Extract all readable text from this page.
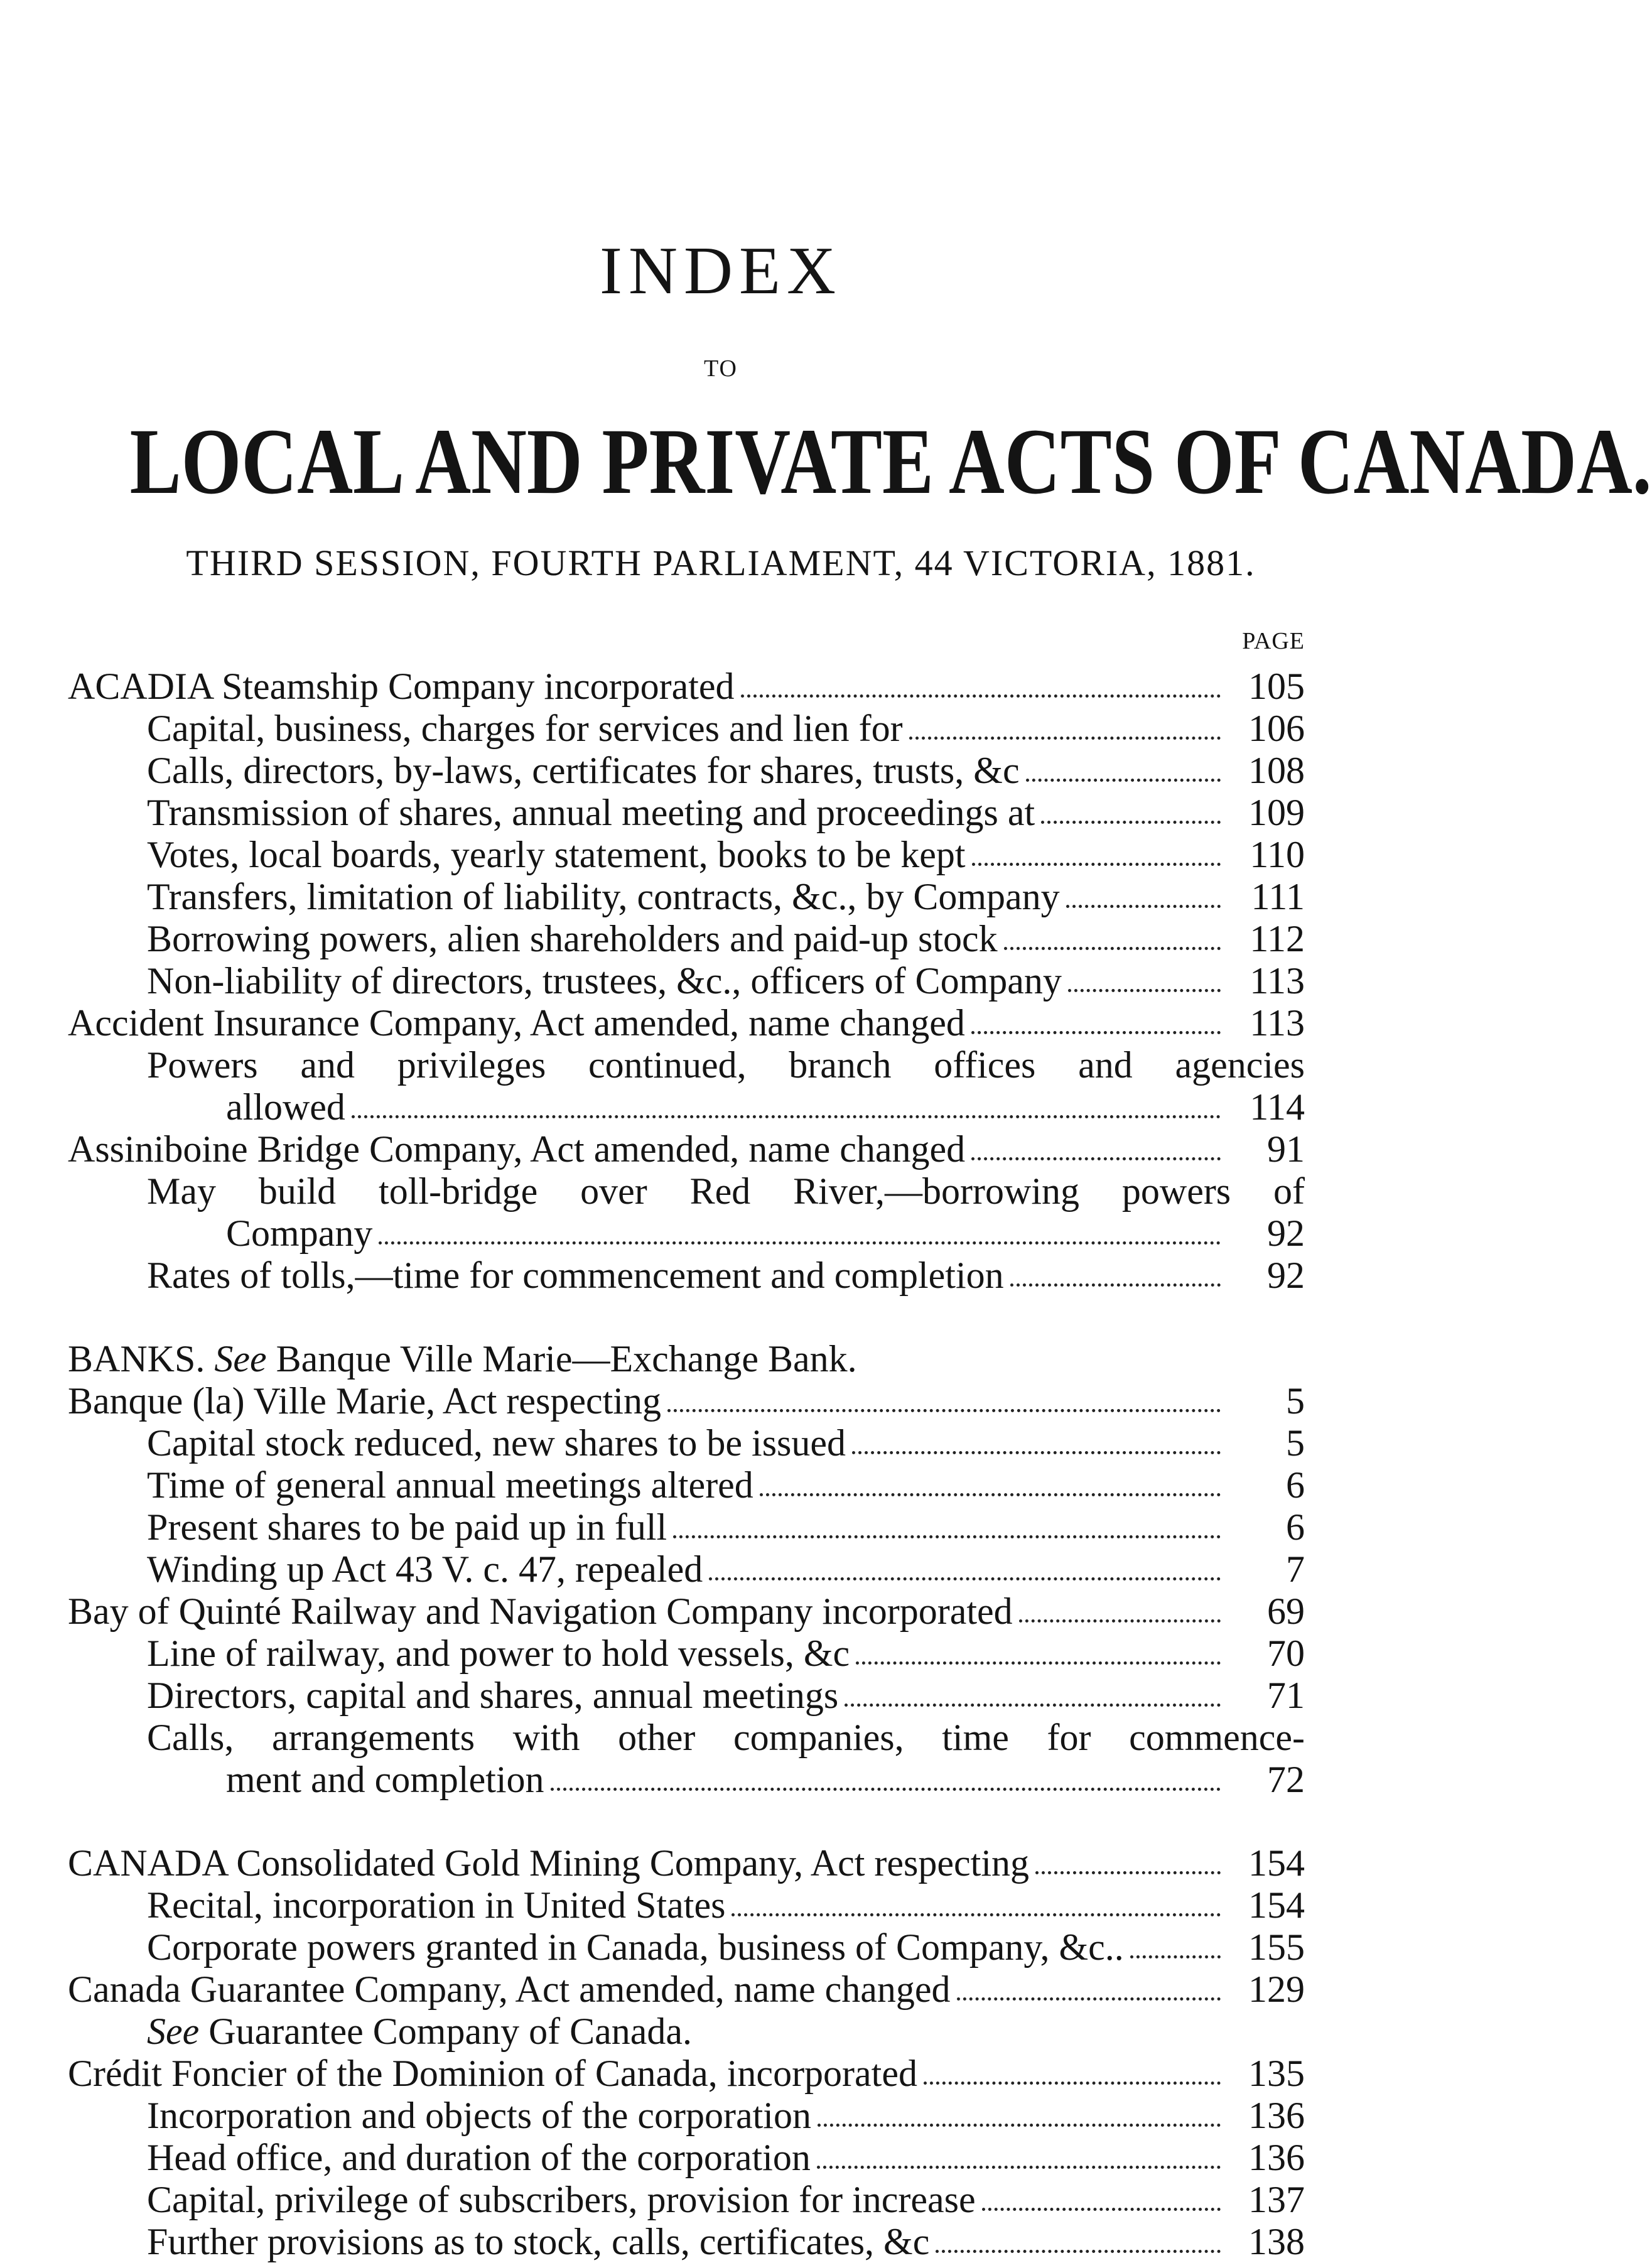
INDEX
TO
LOCAL AND PRIVATE ACTS OF CANADA.
THIRD SESSION, FOURTH PARLIAMENT, 44 VICTORIA, 1881.
PAGE
ACADIA Steamship Company incorporated	105
Capital, business, charges for services and lien for	106
Calls, directors, by-laws, certificates for shares, trusts, &c	108
Transmission of shares, annual meeting and proceedings at	109
Votes, local boards, yearly statement, books to be kept	110
Transfers, limitation of liability, contracts, &c., by Company	111
Borrowing powers, alien shareholders and paid-up stock	112
Non-liability of directors, trustees, &c., officers of Company	113
Accident Insurance Company, Act amended, name changed	113
Powers and privileges continued, branch offices and agencies
allowed	114
Assiniboine Bridge Company, Act amended, name changed	91
May build toll-bridge over Red River,—borrowing powers of
Company	92
Rates of tolls,—time for commencement and completion	92
BANKS. See Banque Ville Marie—Exchange Bank.
Banque (la) Ville Marie, Act respecting	5
Capital stock reduced, new shares to be issued	5
Time of general annual meetings altered	6
Present shares to be paid up in full	6
Winding up Act 43 V. c. 47, repealed	7
Bay of Quinté Railway and Navigation Company incorporated	69
Line of railway, and power to hold vessels, &c	70
Directors, capital and shares, annual meetings	71
Calls, arrangements with other companies, time for commence-
ment and completion	72
CANADA Consolidated Gold Mining Company, Act respecting	154
Recital, incorporation in United States	154
Corporate powers granted in Canada, business of Company, &c..	155
Canada Guarantee Company, Act amended, name changed	129
See Guarantee Company of Canada.
Crédit Foncier of the Dominion of Canada, incorporated	135
Incorporation and objects of the corporation	136
Head office, and duration of the corporation	136
Capital, privilege of subscribers, provision for increase	137
Further provisions as to stock, calls, certificates, &c	138
